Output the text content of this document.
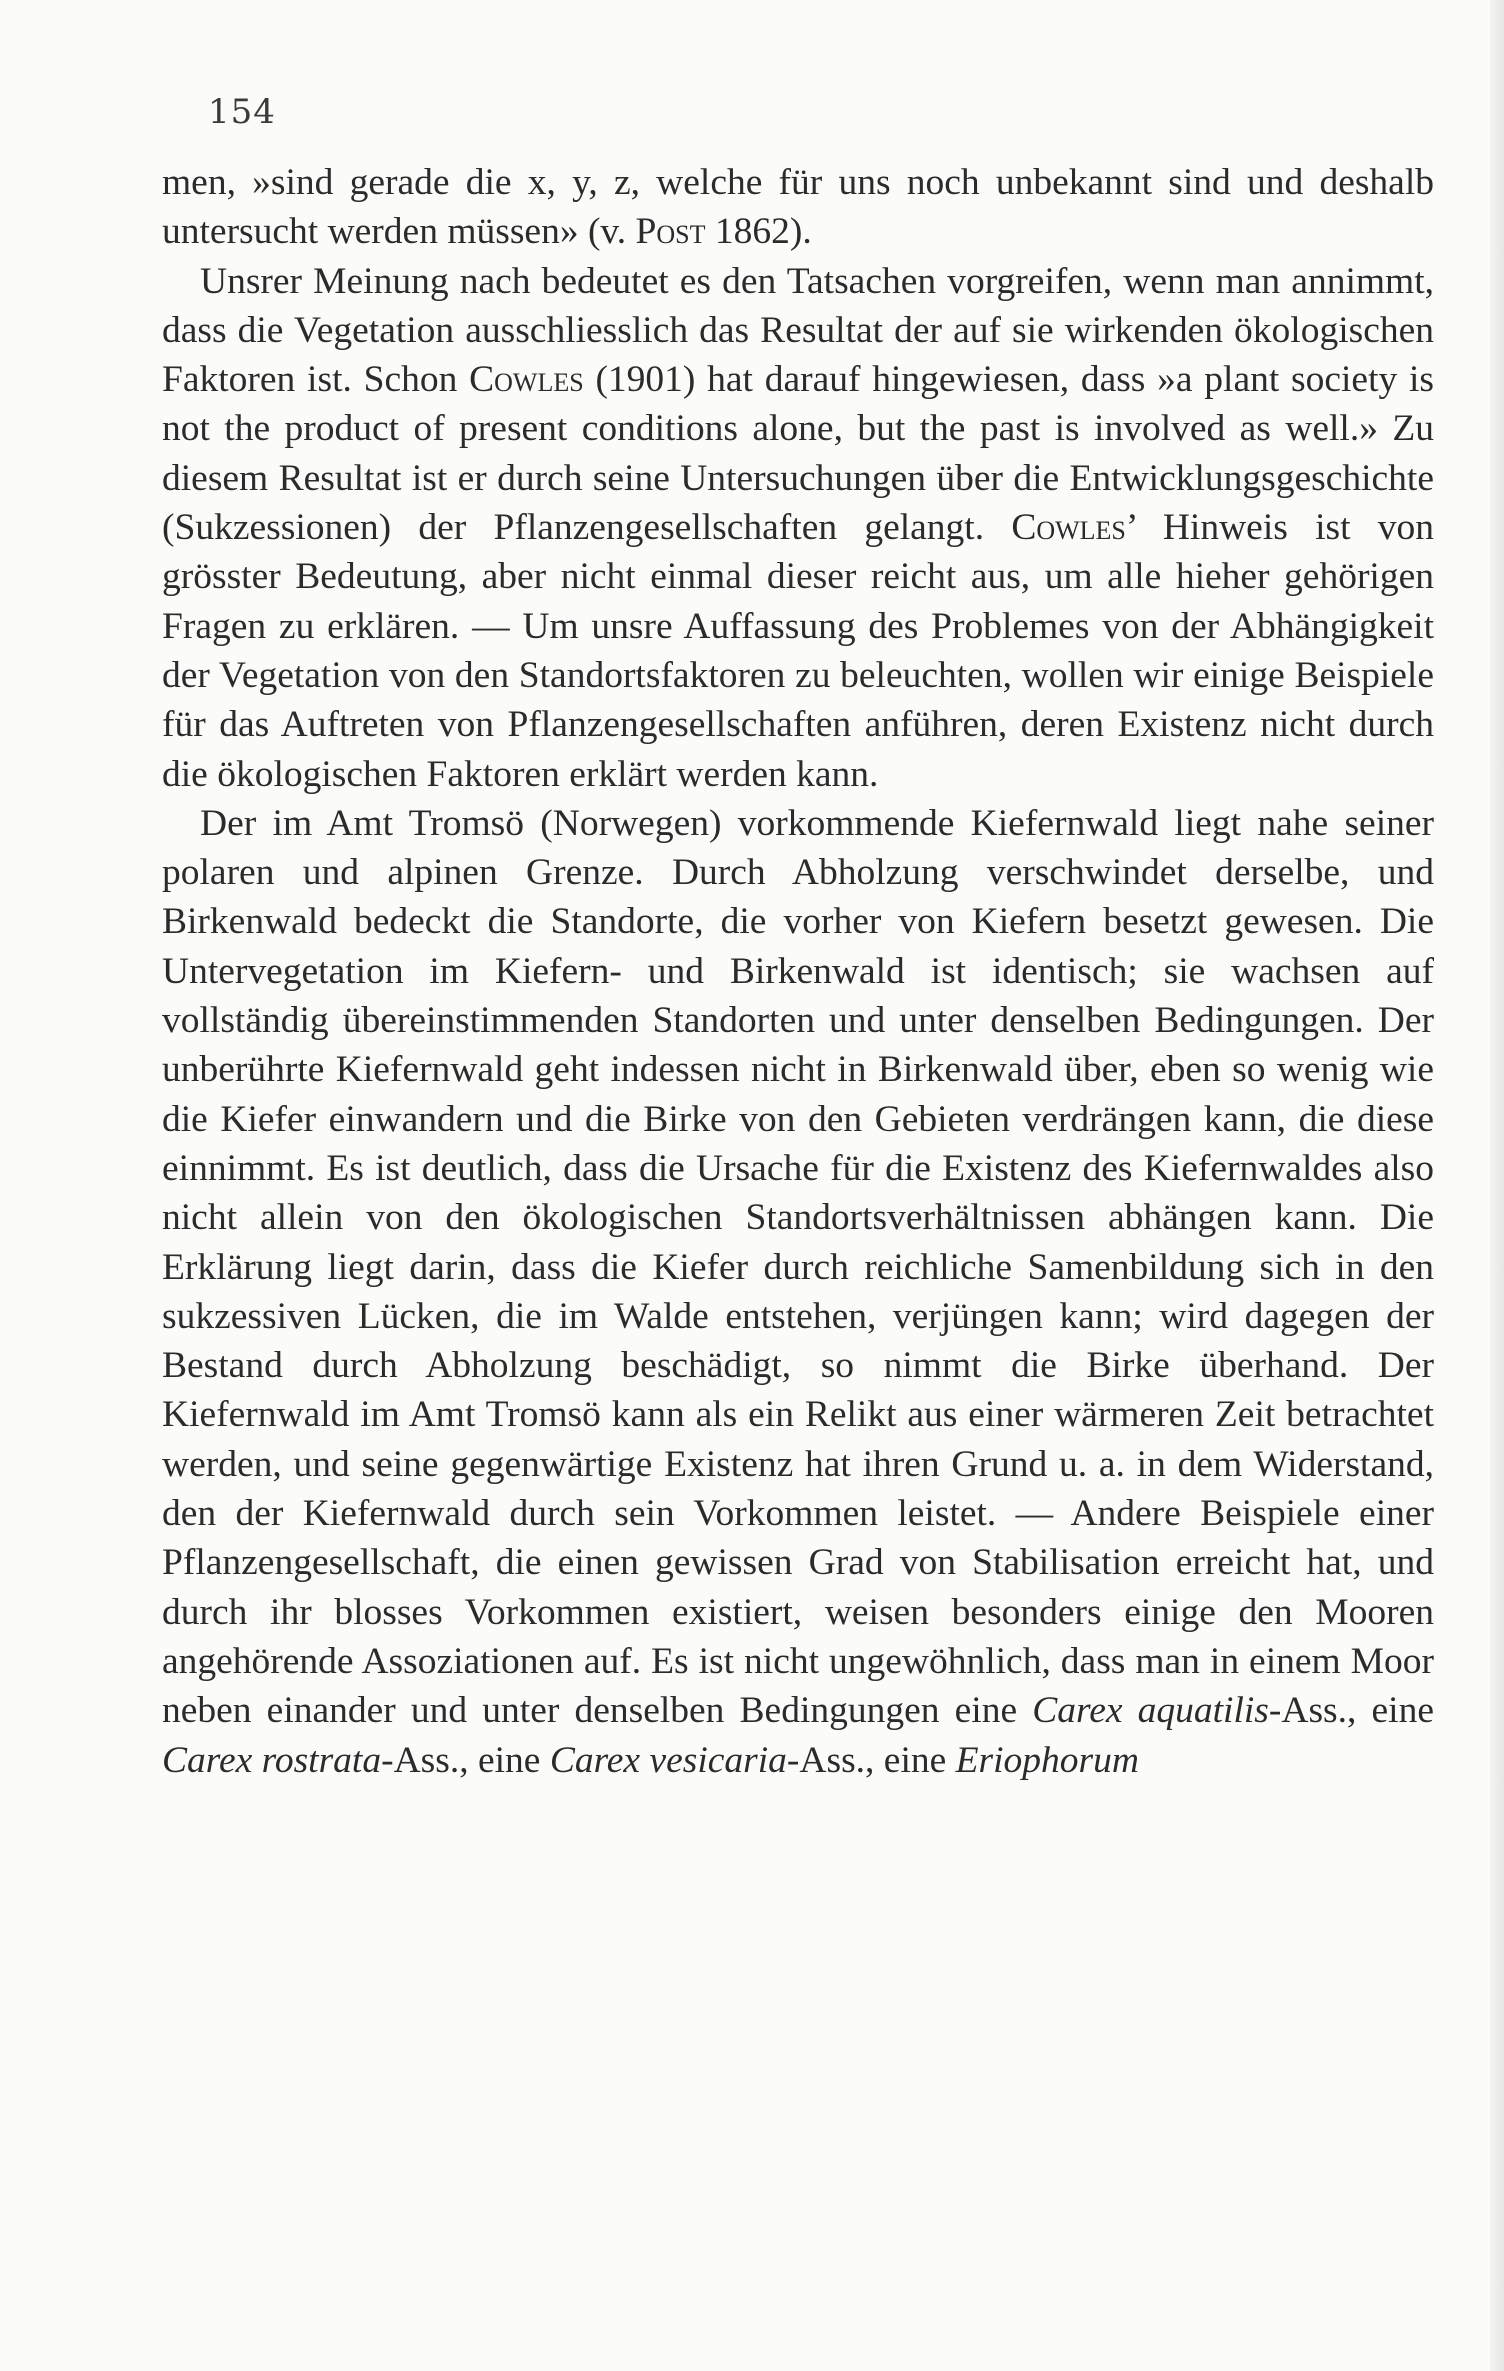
154

men, »sind gerade die x, y, z, welche für uns noch unbekannt sind und deshalb untersucht werden müssen» (v. Post 1862).

Unsrer Meinung nach bedeutet es den Tatsachen vorgreifen, wenn man annimmt, dass die Vegetation ausschliesslich das Resultat der auf sie wirkenden ökologischen Faktoren ist. Schon Cowles (1901) hat darauf hingewiesen, dass »a plant society is not the product of present conditions alone, but the past is involved as well.» Zu diesem Resultat ist er durch seine Untersuchungen über die Entwicklungsgeschichte (Sukzessionen) der Pflanzengesellschaften gelangt. Cowles’ Hinweis ist von grösster Bedeutung, aber nicht einmal dieser reicht aus, um alle hieher gehörigen Fragen zu erklären. — Um unsre Auffassung des Problemes von der Abhängigkeit der Vegetation von den Standortsfaktoren zu beleuchten, wollen wir einige Beispiele für das Auftreten von Pflanzengesellschaften anführen, deren Existenz nicht durch die ökologischen Faktoren erklärt werden kann.

Der im Amt Tromsö (Norwegen) vorkommende Kiefernwald liegt nahe seiner polaren und alpinen Grenze. Durch Abholzung verschwindet derselbe, und Birkenwald bedeckt die Standorte, die vorher von Kiefern besetzt gewesen. Die Untervegetation im Kiefern- und Birkenwald ist identisch; sie wachsen auf vollständig übereinstimmenden Standorten und unter denselben Bedingungen. Der unberührte Kiefernwald geht indessen nicht in Birkenwald über, eben so wenig wie die Kiefer einwandern und die Birke von den Gebieten verdrängen kann, die diese einnimmt. Es ist deutlich, dass die Ursache für die Existenz des Kiefernwaldes also nicht allein von den ökologischen Standortsverhältnissen abhängen kann. Die Erklärung liegt darin, dass die Kiefer durch reichliche Samenbildung sich in den sukzessiven Lücken, die im Walde entstehen, verjüngen kann; wird dagegen der Bestand durch Abholzung beschädigt, so nimmt die Birke überhand. Der Kiefernwald im Amt Tromsö kann als ein Relikt aus einer wärmeren Zeit betrachtet werden, und seine gegenwärtige Existenz hat ihren Grund u. a. in dem Widerstand, den der Kiefernwald durch sein Vorkommen leistet. — Andere Beispiele einer Pflanzengesellschaft, die einen gewissen Grad von Stabilisation erreicht hat, und durch ihr blosses Vorkommen existiert, weisen besonders einige den Mooren angehörende Assoziationen auf. Es ist nicht ungewöhnlich, dass man in einem Moor neben einander und unter denselben Bedingungen eine Carex aquatilis-Ass., eine Carex rostrata-Ass., eine Carex vesicaria-Ass., eine Eriophorum
